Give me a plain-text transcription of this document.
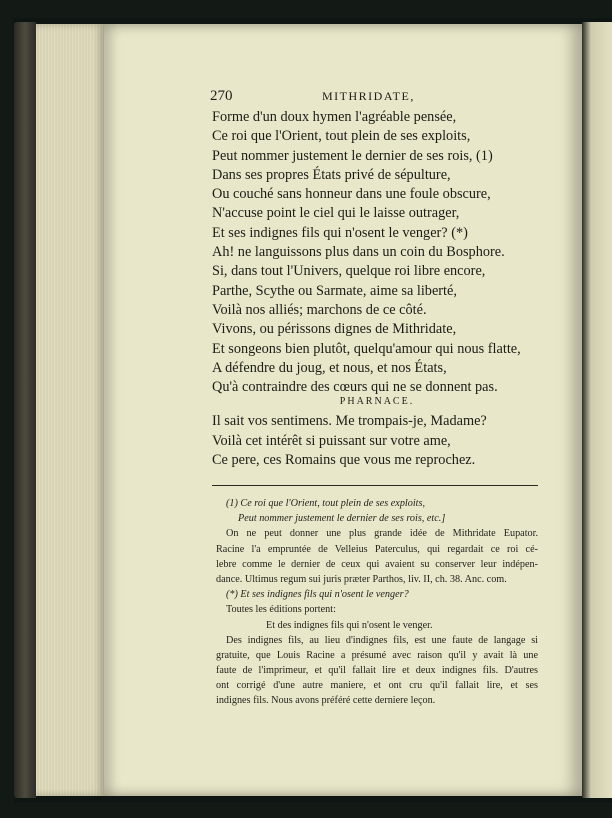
270	MITHRIDATE,
Forme d'un doux hymen l'agréable pensée,
Ce roi que l'Orient, tout plein de ses exploits,
Peut nommer justement le dernier de ses rois, (1)
Dans ses propres États privé de sépulture,
Ou couché sans honneur dans une foule obscure,
N'accuse point le ciel qui le laisse outrager,
Et ses indignes fils qui n'osent le venger? (*)
Ah! ne languissons plus dans un coin du Bosphore.
Si, dans tout l'Univers, quelque roi libre encore,
Parthe, Scythe ou Sarmate, aime sa liberté,
Voilà nos alliés; marchons de ce côté.
Vivons, ou périssons dignes de Mithridate,
Et songeons bien plutôt, quelqu'amour qui nous flatte,
A défendre du joug, et nous, et nos États,
Qu'à contraindre des cœurs qui ne se donnent pas.
PHARNACE.
Il sait vos sentimens. Me trompais-je, Madame?
Voilà cet intérêt si puissant sur votre ame,
Ce pere, ces Romains que vous me reprochez.
(1) Ce roi que l'Orient, tout plein de ses exploits,
Peut nommer justement le dernier de ses rois, etc.]
On ne peut donner une plus grande idée de Mithridate Eupator.
Racine l'a empruntée de Velleius Paterculus, qui regardait ce roi cé-
lebre comme le dernier de ceux qui avaient su conserver leur indépen-
dance. Ultimus regum sui juris præter Parthos, liv. II, ch. 38. Anc. com.
(*) Et ses indignes fils qui n'osent le venger?
Toutes les éditions portent:
Et des indignes fils qui n'osent le venger.
Des indignes fils, au lieu d'indignes fils, est une faute de langage si
gratuite, que Louis Racine a présumé avec raison qu'il y avait là une
faute de l'imprimeur, et qu'il fallait lire et deux indignes fils. D'autres
ont corrigé d'une autre maniere, et ont cru qu'il fallait lire, et ses
indignes fils. Nous avons préféré cette derniere leçon.
